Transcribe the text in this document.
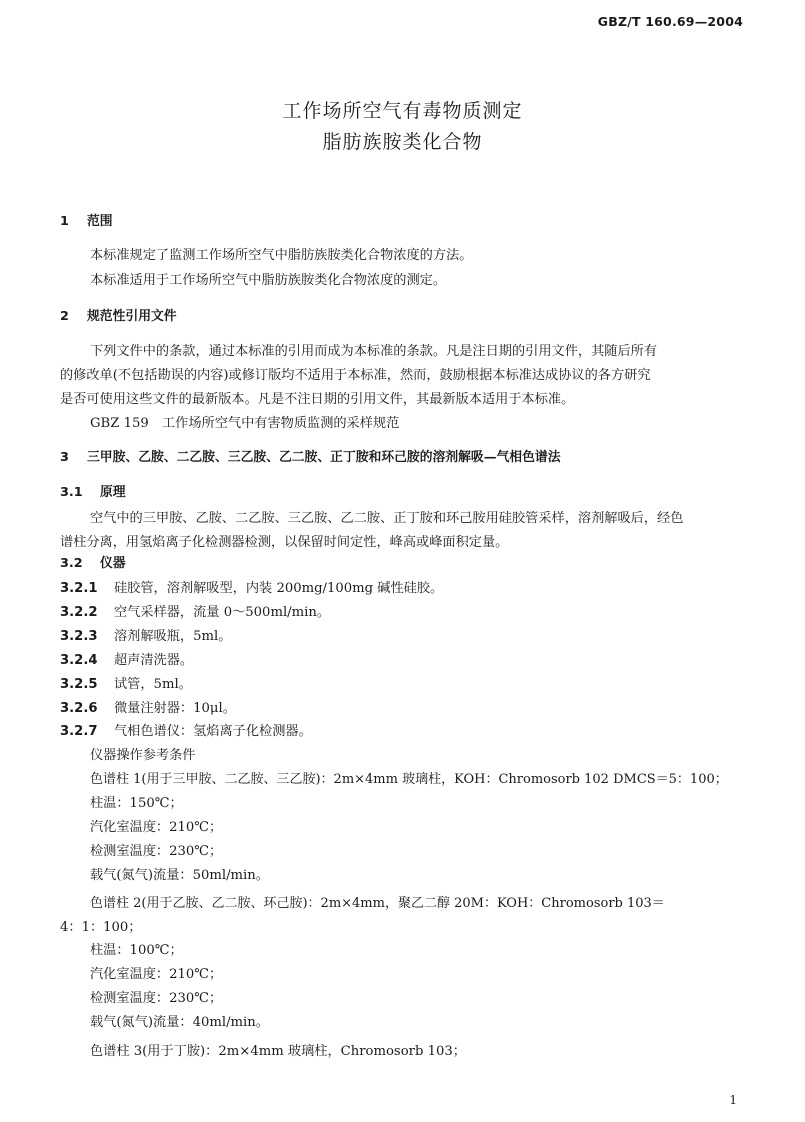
GBZ/T 160.69—2004
工作场所空气有毒物质测定
脂肪族胺类化合物
1 范围
本标准规定了监测工作场所空气中脂肪族胺类化合物浓度的方法。
本标准适用于工作场所空气中脂肪族胺类化合物浓度的测定。
2 规范性引用文件
下列文件中的条款，通过本标准的引用而成为本标准的条款。凡是注日期的引用文件，其随后所有
的修改单(不包括勘误的内容)或修订版均不适用于本标准，然而，鼓励根据本标准达成协议的各方研究
是否可使用这些文件的最新版本。凡是不注日期的引用文件，其最新版本适用于本标准。
GBZ 159　工作场所空气中有害物质监测的采样规范
3 三甲胺、乙胺、二乙胺、三乙胺、乙二胺、正丁胺和环己胺的溶剂解吸—气相色谱法
3.1 原理
空气中的三甲胺、乙胺、二乙胺、三乙胺、乙二胺、正丁胺和环己胺用硅胶管采样，溶剂解吸后，经色
谱柱分离，用氢焰离子化检测器检测，以保留时间定性，峰高或峰面积定量。
3.2 仪器
3.2.1 硅胶管，溶剂解吸型，内装 200mg/100mg 碱性硅胶。
3.2.2 空气采样器，流量 0～500ml/min。
3.2.3 溶剂解吸瓶，5ml。
3.2.4 超声清洗器。
3.2.5 试管，5ml。
3.2.6 微量注射器：10μl。
3.2.7 气相色谱仪：氢焰离子化检测器。
仪器操作参考条件
色谱柱 1(用于三甲胺、二乙胺、三乙胺)：2m×4mm 玻璃柱，KOH：Chromosorb 102 DMCS＝5：100；
柱温：150℃；
汽化室温度：210℃；
检测室温度：230℃；
载气(氮气)流量：50ml/min。
色谱柱 2(用于乙胺、乙二胺、环己胺)：2m×4mm，聚乙二醇 20M：KOH：Chromosorb 103＝
4：1：100；
柱温：100℃；
汽化室温度：210℃；
检测室温度：230℃；
载气(氮气)流量：40ml/min。
色谱柱 3(用于丁胺)：2m×4mm 玻璃柱，Chromosorb 103；
1
